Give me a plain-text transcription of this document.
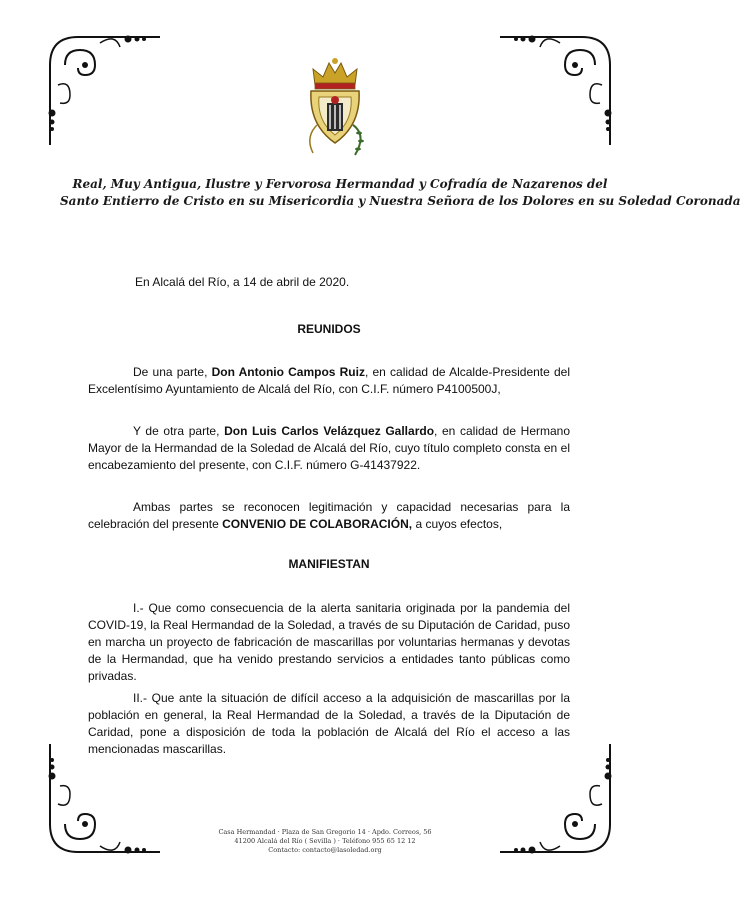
Real, Muy Antigua, Ilustre y Fervorosa Hermandad y Cofradía de Nazarenos del
Santo Entierro de Cristo en su Misericordia y Nuestra Señora de los Dolores en su Soledad Coronada
En Alcalá del Río, a 14 de abril de 2020.
REUNIDOS
De una parte, Don Antonio Campos Ruiz, en calidad de Alcalde-Presidente del Excelentísimo Ayuntamiento de Alcalá del Río, con C.I.F. número P4100500J,
Y de otra parte, Don Luis Carlos Velázquez Gallardo, en calidad de Hermano Mayor de la Hermandad de la Soledad de Alcalá del Río, cuyo título completo consta en el encabezamiento del presente, con C.I.F. número G-41437922.
Ambas partes se reconocen legitimación y capacidad necesarias para la celebración del presente CONVENIO DE COLABORACIÓN, a cuyos efectos,
MANIFIESTAN
I.- Que como consecuencia de la alerta sanitaria originada por la pandemia del COVID-19, la Real Hermandad de la Soledad, a través de su Diputación de Caridad, puso en marcha un proyecto de fabricación de mascarillas por voluntarias hermanas y devotas de la Hermandad, que ha venido prestando servicios a entidades tanto públicas como privadas.
II.- Que ante la situación de difícil acceso a la adquisición de mascarillas por la población en general, la Real Hermandad de la Soledad, a través de la Diputación de Caridad, pone a disposición de toda la población de Alcalá del Río el acceso a las mencionadas mascarillas.
Casa Hermandad · Plaza de San Gregorio 14 · Apdo. Correos, 56
41200 Alcalá del Río ( Sevilla ) · Teléfono 955 65 12 12
Contacto: contacto@lasoledad.org
